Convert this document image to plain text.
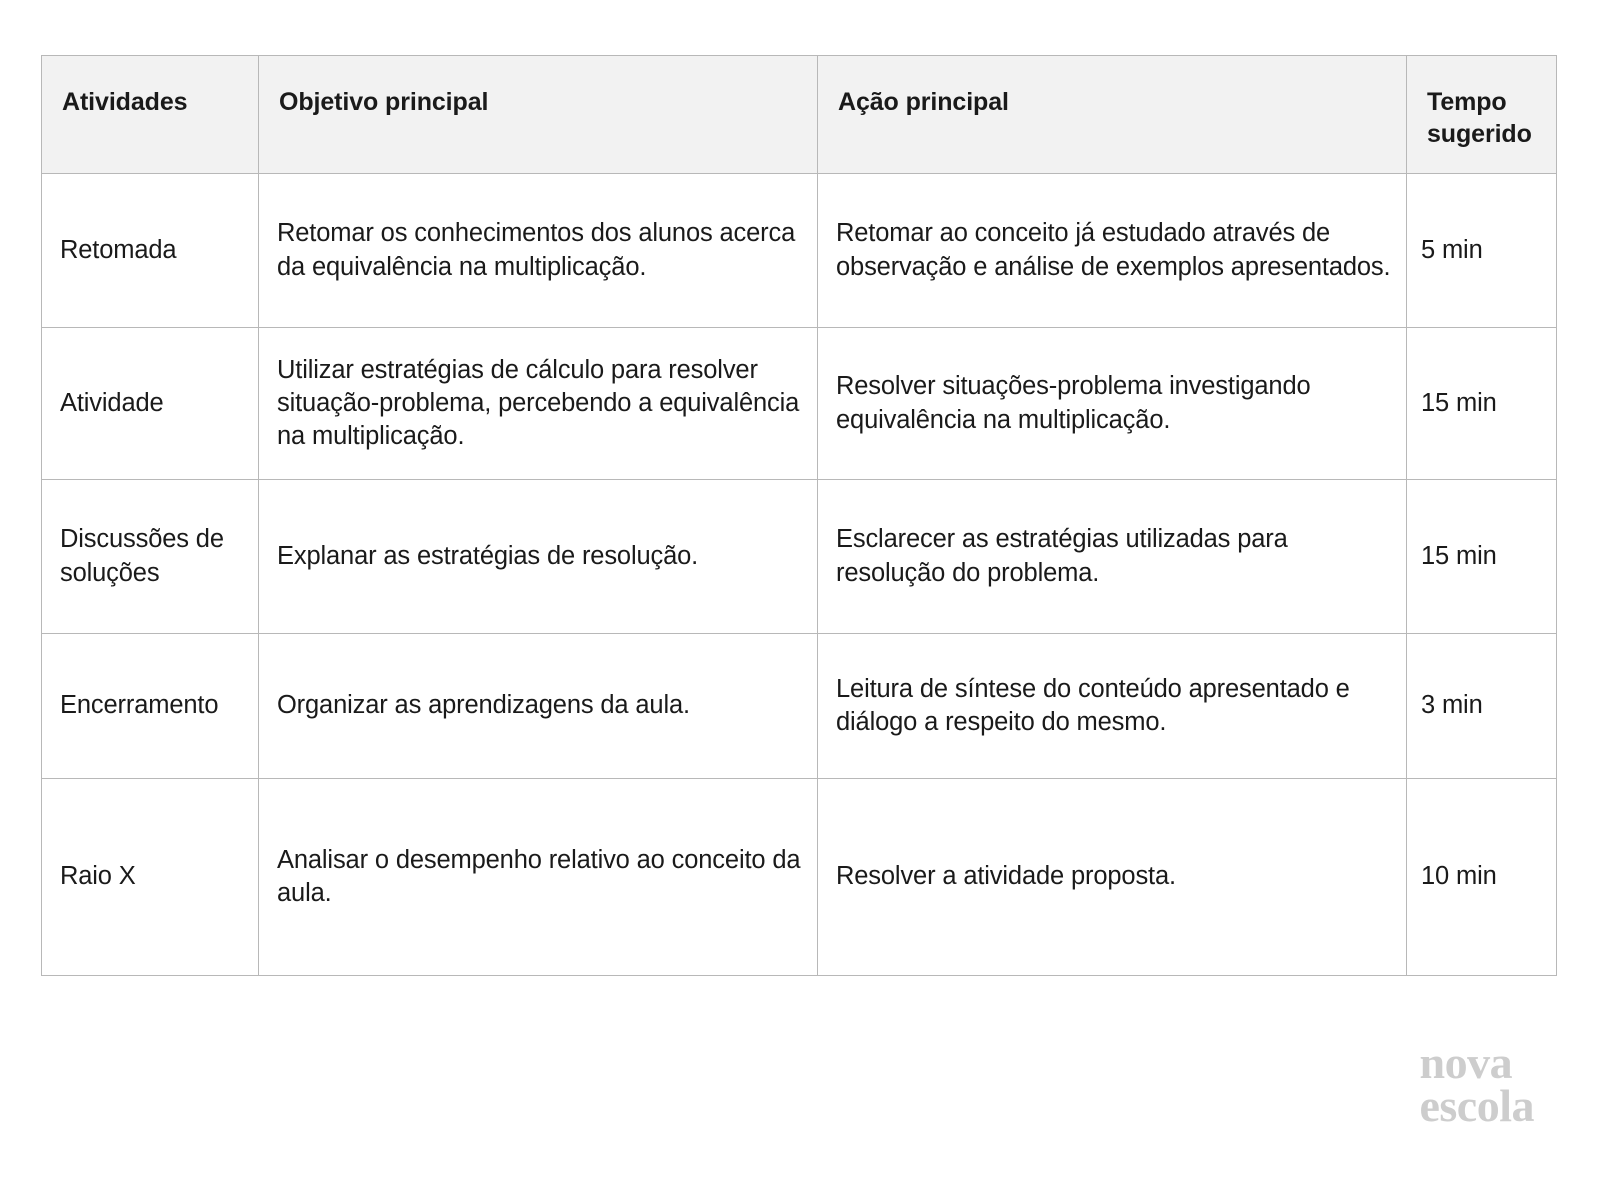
Atividades	Objetivo principal	Ação principal	Tempo sugerido

Retomada	Retomar os conhecimentos dos alunos acerca da equivalência na multiplicação.	Retomar ao conceito já estudado através de observação e análise de exemplos apresentados.	5 min

Atividade	Utilizar estratégias de cálculo para resolver situação-problema, percebendo a equivalência na multiplicação.	Resolver situações-problema investigando equivalência na multiplicação.	15 min

Discussões de soluções	Explanar as estratégias de resolução.	Esclarecer as estratégias utilizadas para resolução do problema.	15 min

Encerramento	Organizar as aprendizagens da aula.	Leitura de síntese do conteúdo apresentado e diálogo a respeito do mesmo.	3 min

Raio X	Analisar o desempenho relativo ao conceito da aula.	Resolver a atividade proposta.	10 min
nova
escola
